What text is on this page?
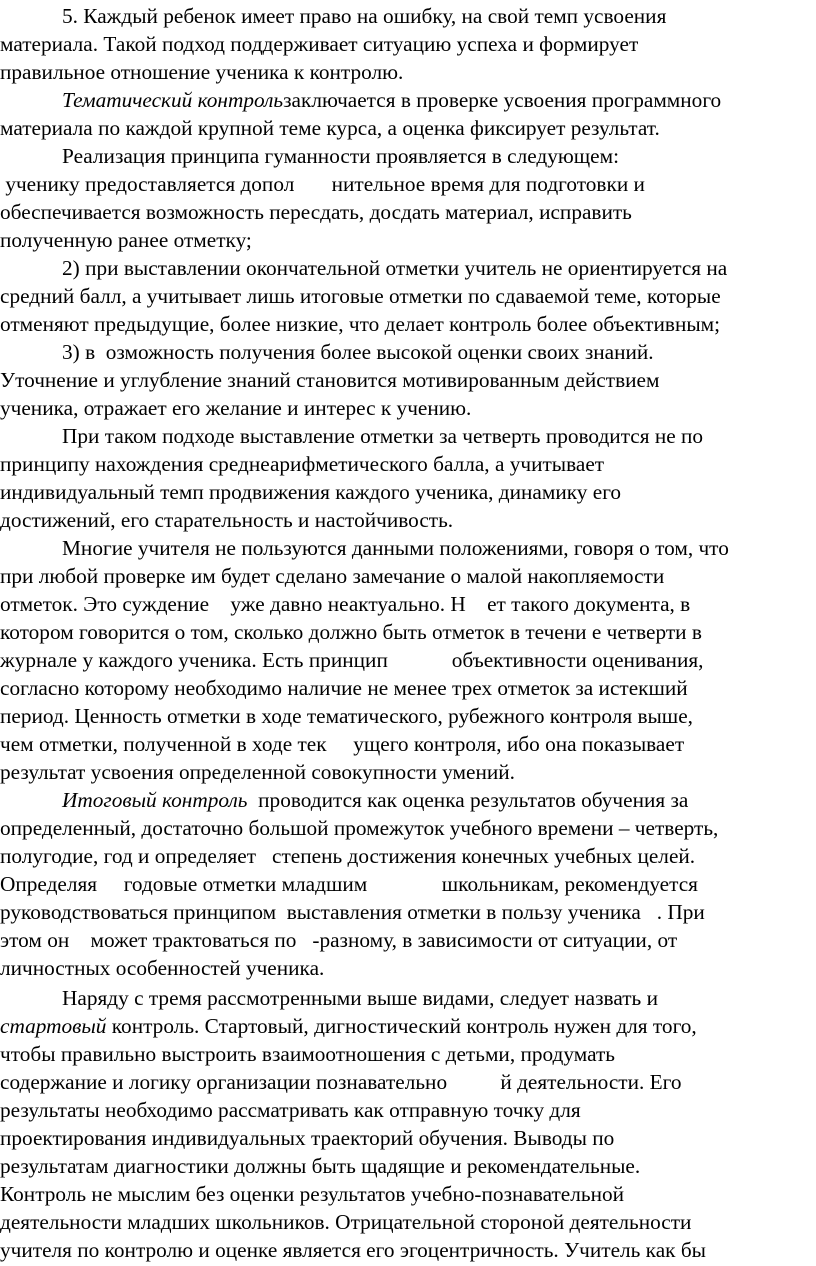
5. Каждый ребенок имеет право на ошибку, на свой темп усвоения
материала. Такой подход поддерживает ситуацию успеха и формирует
правильное отношение ученика к контролю.
Тематический контрользаключается в проверке усвоения программного
материала по каждой крупной теме курса, а оценка фиксирует результат.
Реализация принципа гуманности проявляется в следующем:
ученику предоставляется допол       нительное время для подготовки и
обеспечивается возможность пересдать, досдать материал, исправить
полученную ранее отметку;
2) при выставлении окончательной отметки учитель не ориентируется на
средний балл, а учитывает лишь итоговые отметки по сдаваемой теме, которые
отменяют предыдущие, более низкие, что делает контроль более объективным;
3) в  озможность получения более высокой оценки своих знаний.
Уточнение и углубление знаний становится мотивированным действием
ученика, отражает его желание и интерес к учению.
При таком подходе выставление отметки за четверть проводится не по
принципу нахождения среднеарифметического балла, а учитывает
индивидуальный темп продвижения каждого ученика, динамику его
достижений, его старательность и настойчивость.
Многие учителя не пользуются данными положениями, говоря о том, что
при любой проверке им будет сделано замечание о малой накопляемости
отметок. Это суждение    уже давно неактуально. Н    ет такого документа, в
котором говорится о том, сколько должно быть отметок в течени е четверти в
журнале у каждого ученика. Есть принцип            объективности оценивания,
согласно которому необходимо наличие не менее трех отметок за истекший
период. Ценность отметки в ходе тематического, рубежного контроля выше,
чем отметки, полученной в ходе тек     ущего контроля, ибо она показывает
результат усвоения определенной совокупности умений.
Итоговый контроль  проводится как оценка результатов обучения за
определенный, достаточно большой промежуток учебного времени – четверть,
полугодие, год и определяет   степень достижения конечных учебных целей.
Определяя     годовые отметки младшим              школьникам, рекомендуется
руководствоваться принципом  выставления отметки в пользу ученика   . При
этом он    может трактоваться по   -разному, в зависимости от ситуации, от
личностных особенностей ученика.
Наряду с тремя рассмотренными выше видами, следует назвать и
стартовый контроль. Стартовый, дигностический контроль нужен для того,
чтобы правильно выстроить взаимоотношения с детьми, продумать
содержание и логику организации познавательно          й деятельности. Его
результаты необходимо рассматривать как отправную точку для
проектирования индивидуальных траекторий обучения. Выводы по
результатам диагностики должны быть щадящие и рекомендательные.
Контроль не мыслим без оценки результатов учебно-познавательной
деятельности младших школьников. Отрицательной стороной деятельности
учителя по контролю и оценке является его эгоцентричность. Учитель как бы
